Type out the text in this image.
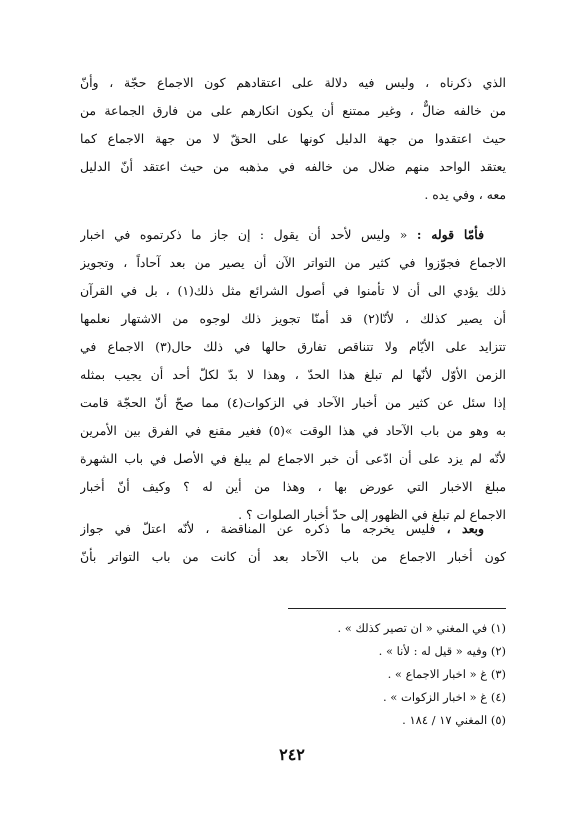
الذي ذكرناه ، وليس فيه دلالة على اعتقادهم كون الاجماع حجّة ، وأنّ
من خالفه ضالٌّ ، وغير ممتنع أن يكون انكارهم على من فارق الجماعة من
حيث اعتقدوا من جهة الدليل كونها على الحقّ لا من جهة الاجماع كما
يعتقد الواحد منهم ضلال من خالفه في مذهبه من حيث اعتقد أنّ الدليل
معه ، وفي يده .
فأمّا قوله : « وليس لأحد أن يقول : إن جاز ما ذكرتموه في اخبار
الاجماع فجوّزوا في كثير من التواتر الآن أن يصير من بعد آحاداً ، وتجويز
ذلك يؤدي الى أن لا تأمنوا في أصول الشرائع مثل ذلك(١) ، بل في القرآن
أن يصير كذلك ، لأنّا(٢) قد أمنّا تجويز ذلك لوجوه من الاشتهار نعلمها
تتزايد على الأيّام ولا تتناقص تفارق حالها في ذلك حال(٣) الاجماع في
الزمن الأوّل لأنّها لم تبلغ هذا الحدّ ، وهذا لا بدّ لكلّ أحد أن يجيب بمثله
إذا سئل عن كثير من أخبار الآحاد في الزكوات(٤) مما صحّ أنّ الحجّة قامت
به وهو من باب الآحاد في هذا الوقت »(٥) فغير مقنع في الفرق بين الأمرين
لأنّه لم يزد على أن ادّعى أن خبر الاجماع لم يبلغ في الأصل في باب الشهرة
مبلغ الاخبار التي عورض بها ، وهذا من أين له ؟ وكيف أنّ أخبار
الاجماع لم تبلغ في الظهور إلى حدّ أخبار الصلوات ؟ .
وبعد ، فليس يخرجه ما ذكره عن المناقضة ، لأنّه اعتلّ في جواز
كون أخبار الاجماع من باب الآحاد بعد أن كانت من باب التواتر بأنّ
(١) في المغني « ان تصير كذلك » .
(٢) وفيه « قيل له : لأنا » .
(٣) غ « اخبار الاجماع » .
(٤) غ « اخبار الزكوات » .
(٥) المغني ١٧ / ١٨٤ .
٢٤٢
